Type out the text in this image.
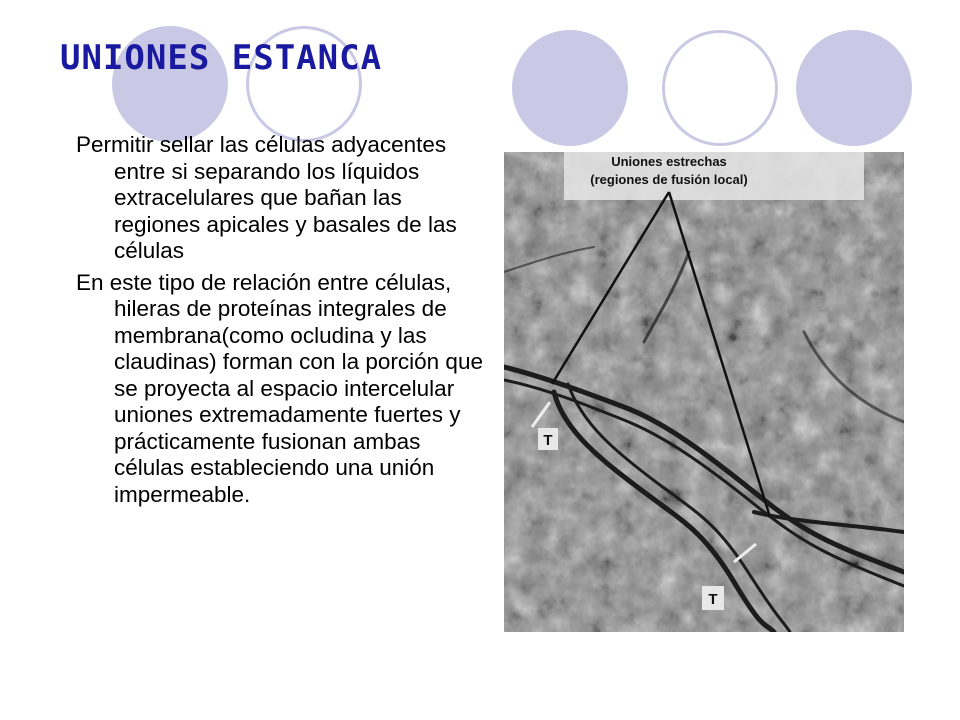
UNIONES ESTANCA

Permitir sellar las células adyacentes entre si separando los líquidos extracelulares que bañan las regiones apicales y basales de las células

En este tipo de relación entre células, hileras de proteínas integrales de membrana(como ocludina y las claudinas) forman con la porción que se proyecta al espacio intercelular uniones extremadamente fuertes y prácticamente fusionan ambas células estableciendo una unión impermeable.

T
T
Uniones estrechas
(regiones de fusión local)
